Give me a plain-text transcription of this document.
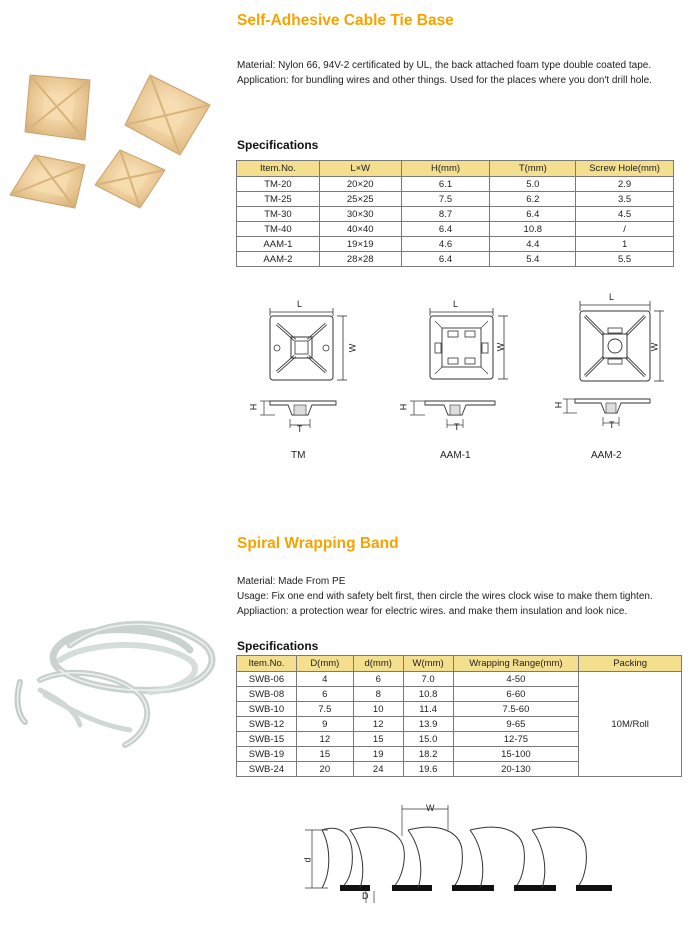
Self-Adhesive Cable Tie Base
Material: Nylon 66, 94V-2 certificated by UL, the back attached foam type double coated tape.
Application: for bundling wires and other things. Used for the places where you don't drill hole.
Specifications
Item.No.	L×W	H(mm)	T(mm)	Screw Hole(mm)
TM-20	20×20	6.1	5.0	2.9
TM-25	25×25	7.5	6.2	3.5
TM-30	30×30	8.7	6.4	4.5
TM-40	40×40	6.4	10.8	/
AAM-1	19×19	4.6	4.4	1
AAM-2	28×28	6.4	5.4	5.5
L
W
H
T
TM
L
W
H
T
AAM-1
L
W
H
T
AAM-2
Spiral Wrapping Band
Material: Made From PE
Usage: Fix one end with safety belt first, then circle the wires clock wise to make them tighten.
Appliaction: a protection wear for electric wires. and make them insulation and look nice.
Specifications
Item.No.	D(mm)	d(mm)	W(mm)	Wrapping Range(mm)	Packing
SWB-06	4	6	7.0	4-50	10M/Roll
SWB-08	6	8	10.8	6-60	
SWB-10	7.5	10	11.4	7.5-60	
SWB-12	9	12	13.9	9-65	
SWB-15	12	15	15.0	12-75	
SWB-19	15	19	18.2	15-100	
SWB-24	20	24	19.6	20-130	
W
d
D
